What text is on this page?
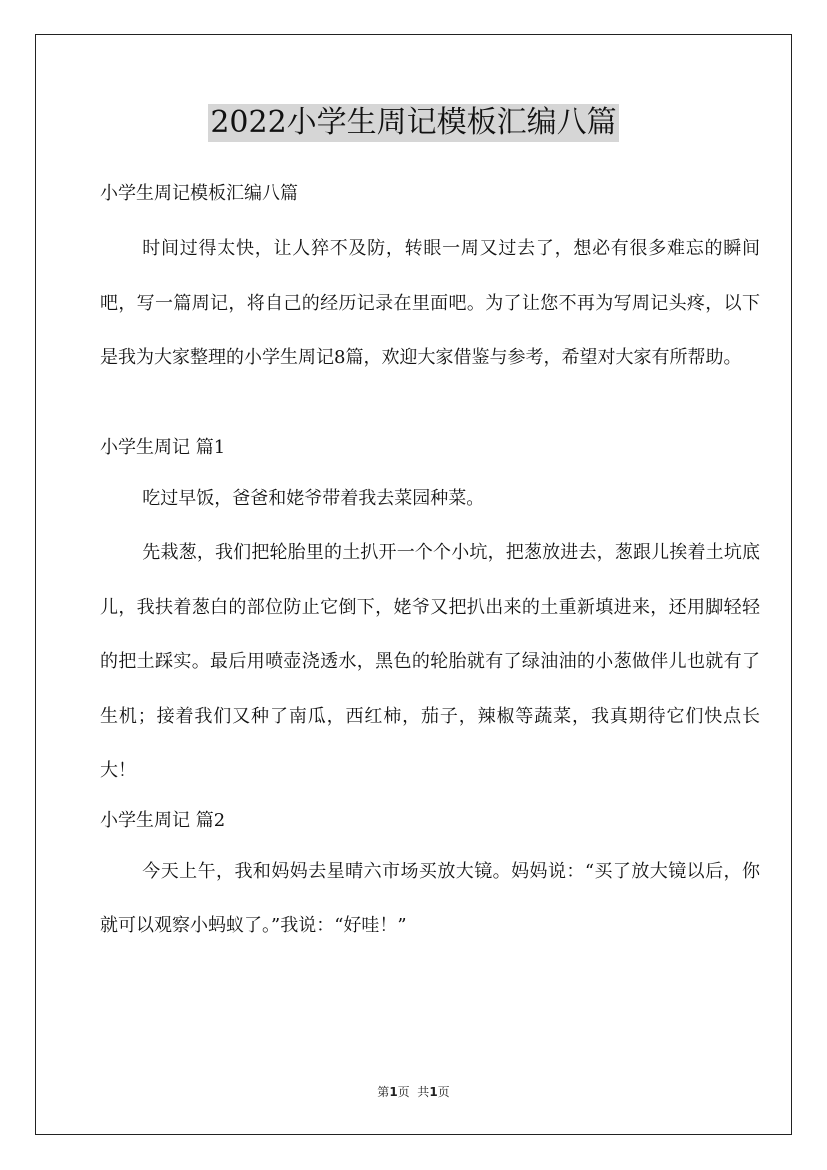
2022小学生周记模板汇编八篇

小学生周记模板汇编八篇

时间过得太快，让人猝不及防，转眼一周又过去了，想必有很多难忘的瞬间吧，写一篇周记，将自己的经历记录在里面吧。为了让您不再为写周记头疼，以下是我为大家整理的小学生周记8篇，欢迎大家借鉴与参考，希望对大家有所帮助。

小学生周记 篇1

吃过早饭，爸爸和姥爷带着我去菜园种菜。

先栽葱，我们把轮胎里的土扒开一个个小坑，把葱放进去，葱跟儿挨着土坑底儿，我扶着葱白的部位防止它倒下，姥爷又把扒出来的土重新填进来，还用脚轻轻的把土踩实。最后用喷壶浇透水，黑色的轮胎就有了绿油油的小葱做伴儿也就有了生机；接着我们又种了南瓜，西红柿，茄子，辣椒等蔬菜，我真期待它们快点长大！

小学生周记 篇2

今天上午，我和妈妈去星晴六市场买放大镜。妈妈说：“买了放大镜以后，你就可以观察小蚂蚁了。”我说：“好哇！”

第1页  共1页
